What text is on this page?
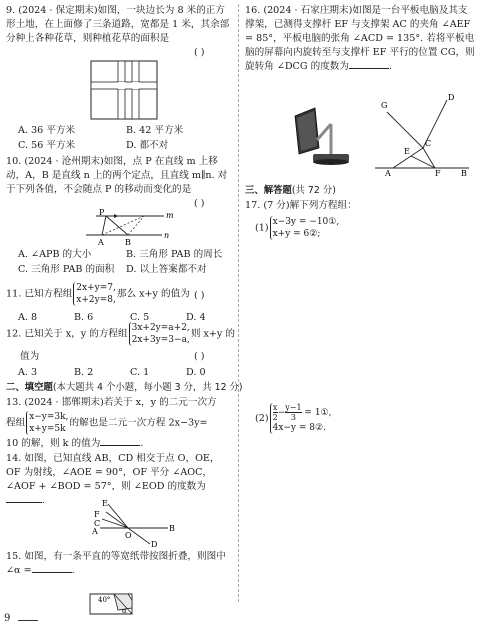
9. (2024 · 保定期末)如图，一块边长为 8 米的正方形土地，在上面修了三条道路，宽都是 1 米，其余部分种上各种花草，则种植花草的面积是
( )
A. 36 平方米	B. 42 平方米
C. 56 平方米	D. 都不对
10. (2024 · 沧州期末)如图，点 P 在直线 m 上移动，A，B 是直线 n 上的两个定点，且直线 m∥n. 对于下列各值，不会随点 P 的移动而变化的是
( )
P	m
A	B
n
A. ∠APB 的大小	B. 三角形 PAB 的周长
C. 三角形 PAB 的面积 D. 以上答案都不对
11. 已知方程组
2x+y=7,
x+2y=8,
那么 x+y 的值为 ( )
A. 8	B. 6	C. 5	D. 4
12. 已知关于 x，y 的方程组
3x+2y=a+2,
2x+3y=3−a,
则 x+y 的
值为	( )
A. 3	B. 2	C. 1	D. 0
二、填空题(本大题共 4 个小题，每小题 3 分，共 12 分)
13. (2024 · 邯郸期末)若关于 x，y 的二元一次方
程组
x−y=3k,
x+y=5k
的解也是二元一次方程 2x−3y=
10 的解，则 k 的值为	.
14. 如图，已知直线 AB，CD 相交于点 O，OE，OF 为射线，∠AOE = 90°，OF 平分 ∠AOC，∠AOF + ∠BOD = 57°，则 ∠EOD 的度数为.	E
F
C
A	O
B
D
15. 如图，有一条平直的等宽纸带按图折叠，则图中 ∠α =	.
40°
α
16. (2024 · 石家庄期末)如图是一台平板电脑及其支撑架，已测得支撑杆 EF 与支撑架 AC 的夹角 ∠AEF = 85°，平板电脑的张角 ∠ACD = 135°. 若将平板电脑的屏幕向内旋转至与支撑杆 EF 平行的位置 CG，则旋转角 ∠DCG 的度数为	.
G
D
E
C
A	F	B
三、解答题(共 72 分)
17. (7 分)解下列方程组：
(1)
x−3y = −10①,
x+y = 6②;
$(2) \frac{x}{2} - \frac{y-1}{3}$ = 1①,
4x−y = 8②.
9
